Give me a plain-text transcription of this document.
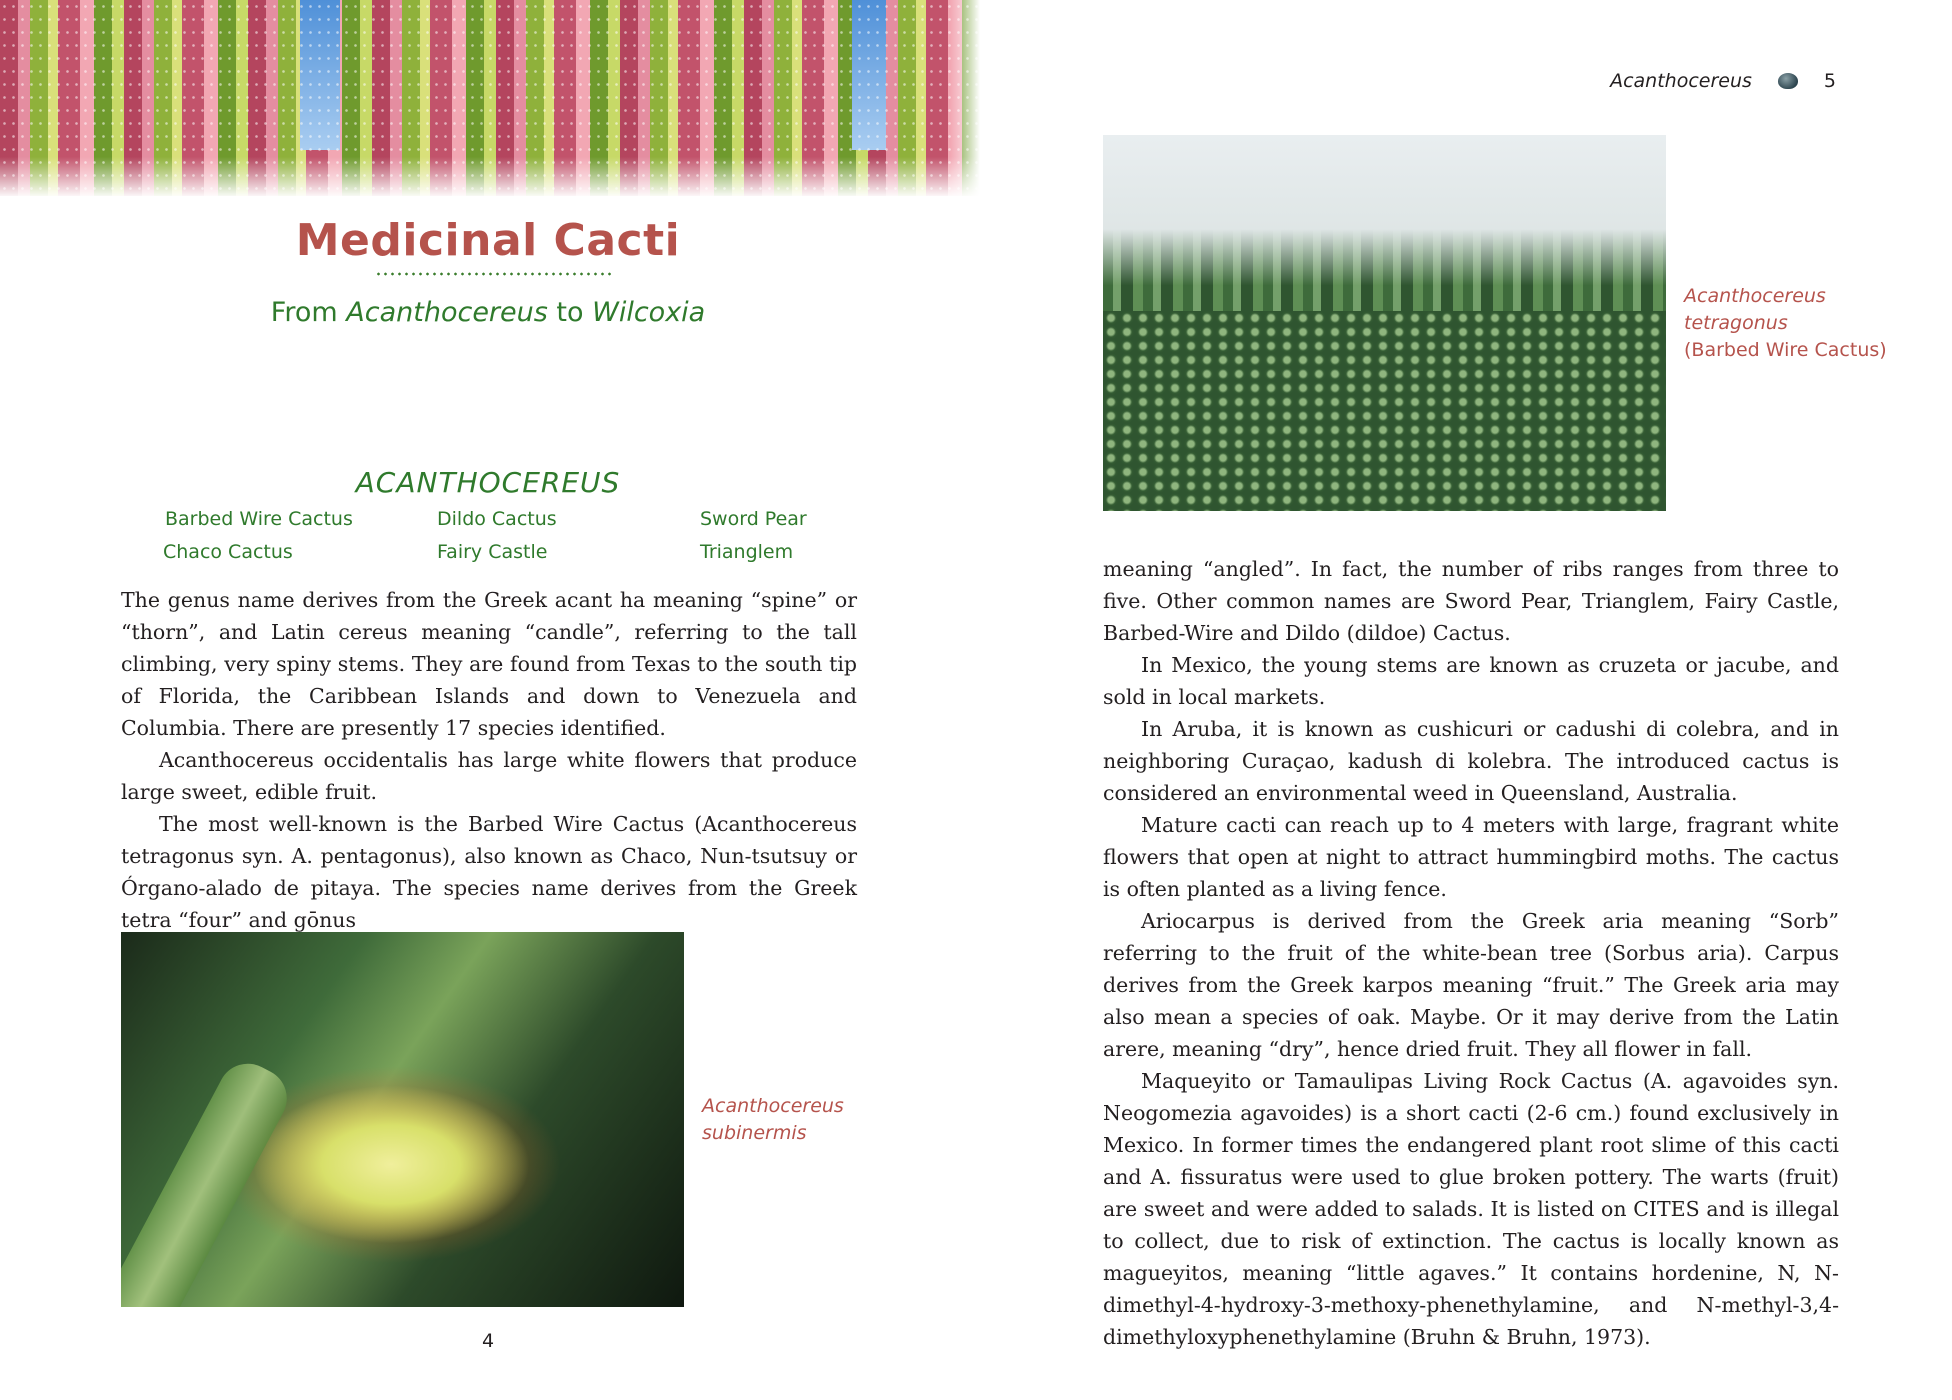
Medicinal Cacti
From Acanthocereus to Wilcoxia
ACANTHOCEREUS
Barbed Wire Cactus	Dildo Cactus	Sword Pear
Chaco Cactus	Fairy Castle	Trianglem

The genus name derives from the Greek acant ha meaning “spine” or “thorn”, and Latin cereus meaning “candle”, referring to the tall climbing, very spiny stems. They are found from Texas to the south tip of Florida, the Caribbean Islands and down to Venezuela and Columbia. There are presently 17 species identified.

Acanthocereus occidentalis has large white flowers that produce large sweet, edible fruit.

The most well-known is the Barbed Wire Cactus (Acanthocereus tetragonus syn. A. pentagonus), also known as Chaco, Nun-tsutsuy or Órgano-alado de pitaya. The species name derives from the Greek tetra “four” and gōnus

Acanthocereus
subinermis
4
Acanthocereus	5
Acanthocereus
tetragonus
(Barbed Wire Cactus)

meaning “angled”. In fact, the number of ribs ranges from three to five. Other common names are Sword Pear, Trianglem, Fairy Castle, Barbed-Wire and Dildo (dildoe) Cactus.

In Mexico, the young stems are known as cruzeta or jacube, and sold in local markets.

In Aruba, it is known as cushicuri or cadushi di colebra, and in neighboring Curaçao, kadush di kolebra. The introduced cactus is considered an environmental weed in Queensland, Australia.

Mature cacti can reach up to 4 meters with large, fragrant white flowers that open at night to attract hummingbird moths. The cactus is often planted as a living fence.

Ariocarpus is derived from the Greek aria meaning “Sorb” referring to the fruit of the white-bean tree (Sorbus aria). Carpus derives from the Greek karpos meaning “fruit.” The Greek aria may also mean a species of oak. Maybe. Or it may derive from the Latin arere, meaning “dry”, hence dried fruit. They all flower in fall.

Maqueyito or Tamaulipas Living Rock Cactus (A. agavoides syn. Neogomezia agavoides) is a short cacti (2-6 cm.) found exclusively in Mexico. In former times the endangered plant root slime of this cacti and A. fissuratus were used to glue broken pottery. The warts (fruit) are sweet and were added to salads. It is listed on CITES and is illegal to collect, due to risk of extinction. The cactus is locally known as magueyitos, meaning “little agaves.” It contains hordenine, N, N-dimethyl-4-hydroxy-3-methoxy-phenethylamine, and N-methyl-3,4-dimethyloxyphenethylamine (Bruhn & Bruhn, 1973).
